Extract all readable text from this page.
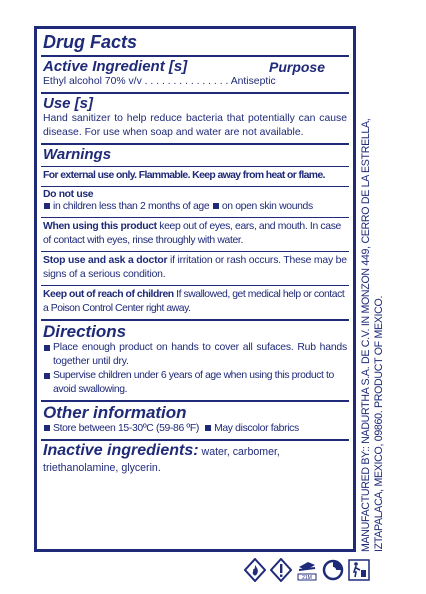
Drug Facts
Active Ingredient [s]	Purpose
Ethyl alcohol 70% v/v . . . . . . . . . . . . . . . Antiseptic
Use [s]
Hand sanitizer to help reduce bacteria that potentially can cause disease. For use when soap and water are not available.
Warnings
For external use only. Flammable. Keep away from heat or flame.
Do not use
in children less than 2 months of age on open skin wounds
When using this product keep out of eyes, ears, and mouth. In case of contact with eyes, rinse throughly with water.
Stop use and ask a doctor if irritation or rash occurs. These may be signs of a serious condition.
Keep out of reach of children If swallowed, get medical help or contact a Poison Control Center right away.
Directions
Place enough product on hands to cover all sufaces. Rub hands together until dry.
Supervise children under 6 years of age when using this product to avoid swallowing.
Other information
Store between 15-30ºC (59-86 ºF) May discolor fabrics
Inactive ingredients: water, carbomer, triethanolamine, glycerin.	MANUFACTURED BY:: NADURTHA S.A. DE C.V. IN MONZON 449, CERRO DE LA ESTRELLA, IZTAPALACA, MEXICO, 09860. PRODUCT OF MEXICO.
21M
